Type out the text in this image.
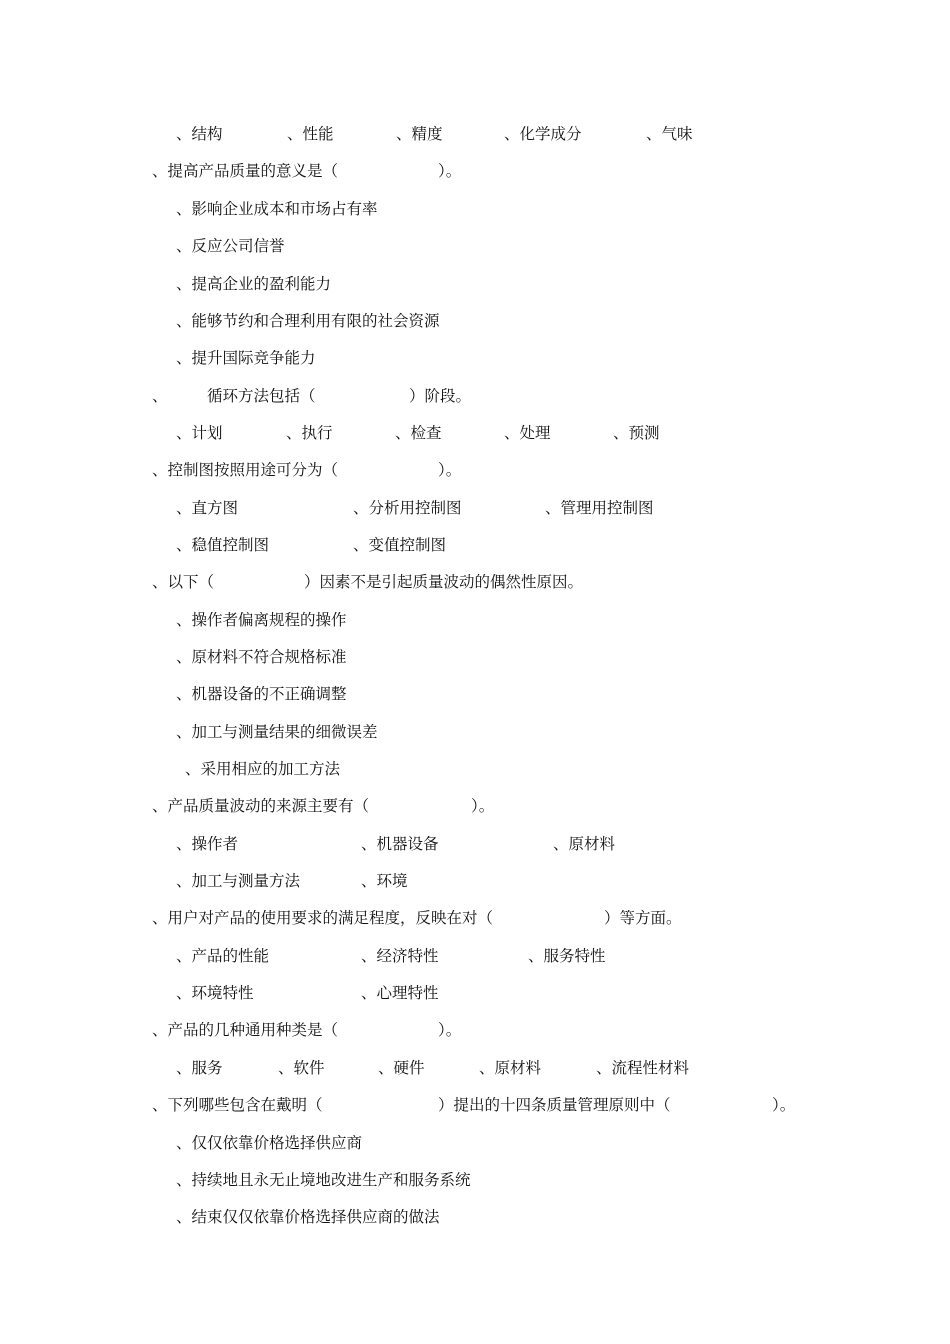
、结构	、性能	、精度	、化学成分	、气味
、提高产品质量的意义是（	）。
、影响企业成本和市场占有率
、反应公司信誉
、提高企业的盈利能力
、能够节约和合理利用有限的社会资源
、提升国际竞争能力
、	循环方法包括（	）阶段。
、计划	、执行	、检查	、处理	、预测
、控制图按照用途可分为（	）。
、直方图	、分析用控制图	、管理用控制图
、稳值控制图	、变值控制图
、以下（	）因素不是引起质量波动的偶然性原因。
、操作者偏离规程的操作
、原材料不符合规格标准
、机器设备的不正确调整
、加工与测量结果的细微误差
、采用相应的加工方法
、产品质量波动的来源主要有（	）。
、操作者	、机器设备	、原材料
、加工与测量方法	、环境
、用户对产品的使用要求的满足程度，反映在对（	）等方面。
、产品的性能	、经济特性	、服务特性
、环境特性	、心理特性
、产品的几种通用种类是（	）。
、服务	、软件	、硬件	、原材料	、流程性材料
、下列哪些包含在戴明（	）提出的十四条质量管理原则中（	）。
、仅仅依靠价格选择供应商
、持续地且永无止境地改进生产和服务系统
、结束仅仅依靠价格选择供应商的做法
